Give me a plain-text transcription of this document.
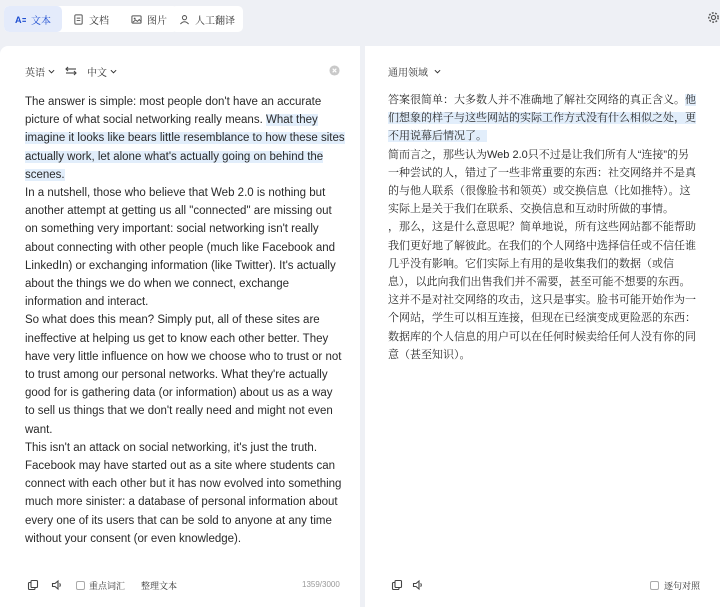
A 文本	文档	图片	人工翻译
英语	中文

The answer is simple: most people don't have an accurate picture of what social networking really means. What they imagine it looks like bears little resemblance to how these sites actually work, let alone what's actually going on behind the scenes.

In a nutshell, those who believe that Web 2.0 is nothing but another attempt at getting us all "connected" are missing out on something very important: social networking isn't really about connecting with other people (much like Facebook and LinkedIn) or exchanging information (like Twitter). It's actually about the things we do when we connect, exchange information and interact.

So what does this mean? Simply put, all of these sites are ineffective at helping us get to know each other better. They have very little influence on how we choose who to trust or not to trust among our personal networks. What they're actually good for is gathering data (or information) about us as a way to sell us things that we don't really need and might not even want.

This isn't an attack on social networking, it's just the truth. Facebook may have started out as a site where students can connect with each other but it has now evolved into something much more sinister: a database of personal information about every one of its users that can be sold to anyone at any time without your consent (or even knowledge).

重点词汇 整理文本	1359/3000
通用领域

答案很简单：大多数人并不准确地了解社交网络的真正含义。他们想象的样子与这些网站的实际工作方式没有什么相似之处，更不用说幕后情况了。

简而言之，那些认为Web 2.0只不过是让我们所有人“连接”的另一种尝试的人，错过了一些非常重要的东西：社交网络并不是真的与他人联系（很像脸书和领英）或交换信息（比如推特）。这实际上是关于我们在联系、交换信息和互动时所做的事情。

，那么，这是什么意思呢？简单地说，所有这些网站都不能帮助我们更好地了解彼此。在我们的个人网络中选择信任或不信任谁几乎没有影响。它们实际上有用的是收集我们的数据（或信息），以此向我们出售我们并不需要，甚至可能不想要的东西。

这并不是对社交网络的攻击，这只是事实。脸书可能开始作为一个网站，学生可以相互连接，但现在已经演变成更险恶的东西：数据库的个人信息的用户可以在任何时候卖给任何人没有你的同意（甚至知识）。

逐句对照
